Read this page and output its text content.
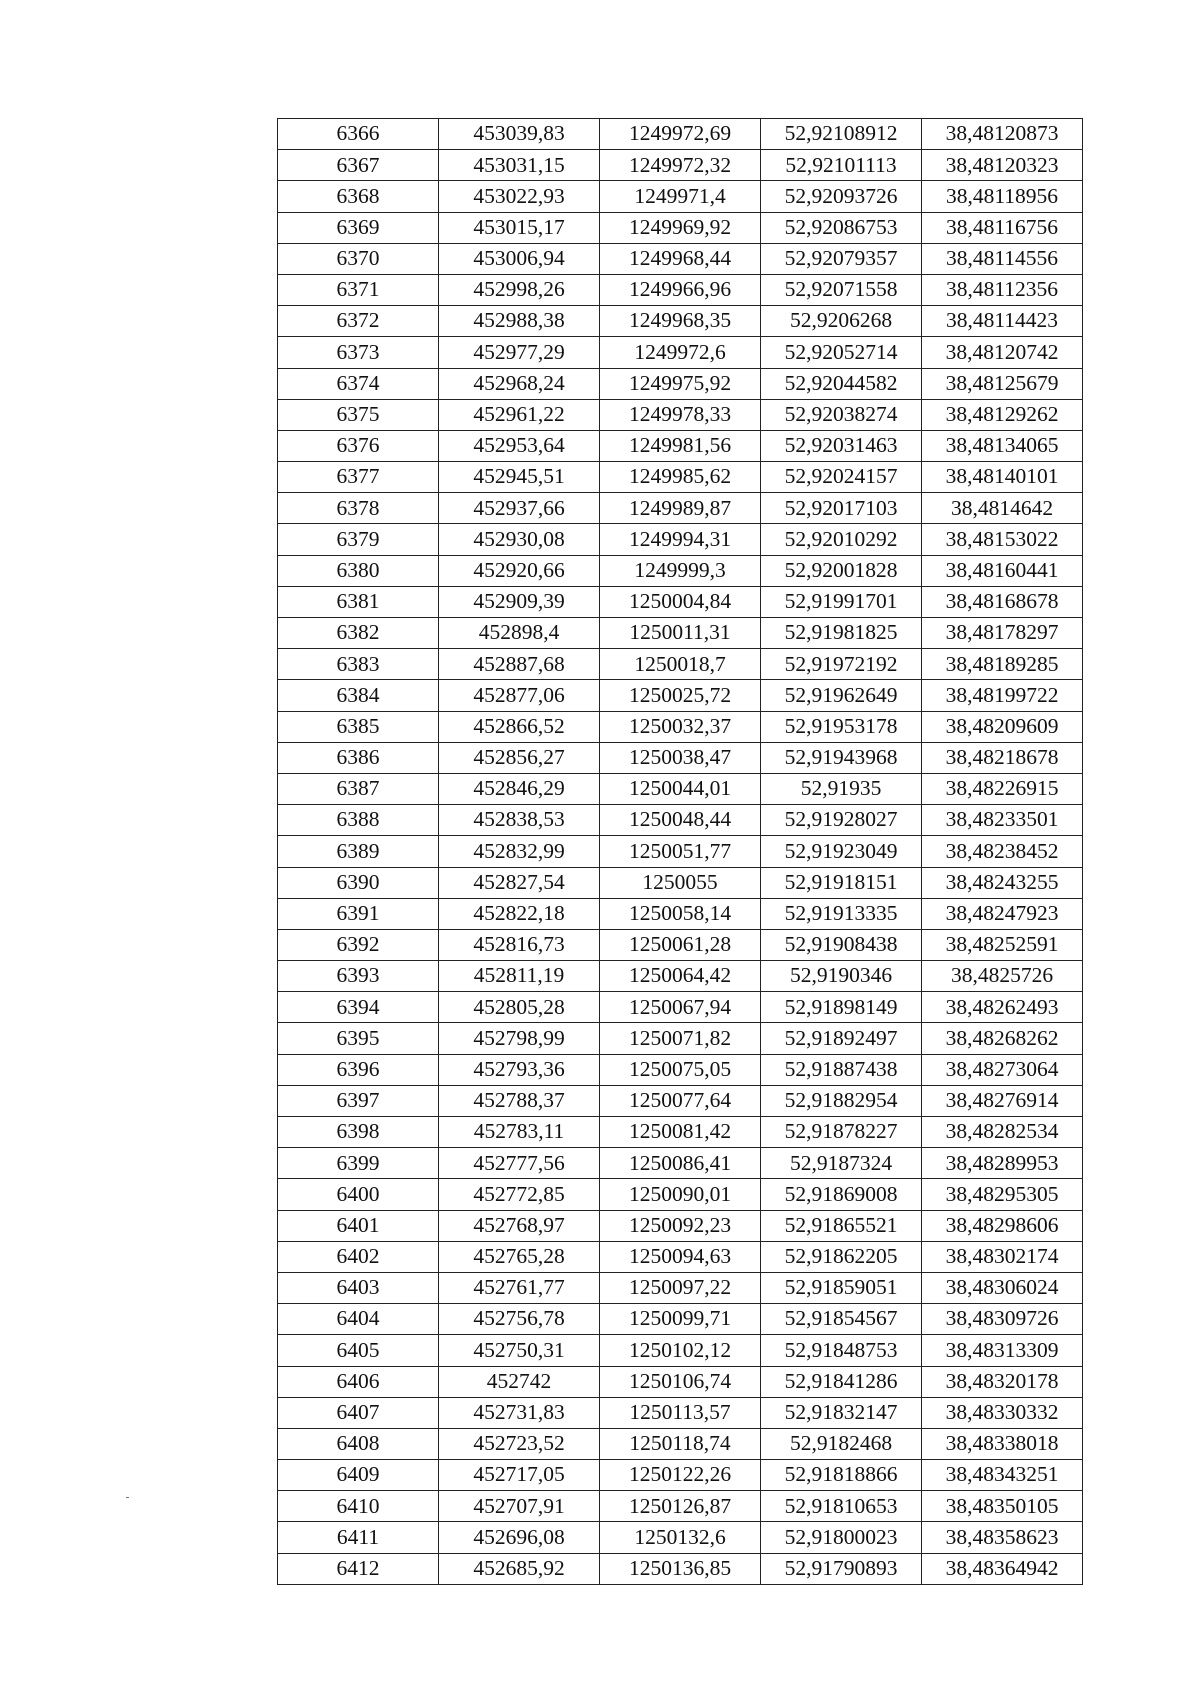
6366	453039,83	1249972,69	52,92108912	38,48120873
6367	453031,15	1249972,32	52,92101113	38,48120323
6368	453022,93	1249971,4	52,92093726	38,48118956
6369	453015,17	1249969,92	52,92086753	38,48116756
6370	453006,94	1249968,44	52,92079357	38,48114556
6371	452998,26	1249966,96	52,92071558	38,48112356
6372	452988,38	1249968,35	52,9206268	38,48114423
6373	452977,29	1249972,6	52,92052714	38,48120742
6374	452968,24	1249975,92	52,92044582	38,48125679
6375	452961,22	1249978,33	52,92038274	38,48129262
6376	452953,64	1249981,56	52,92031463	38,48134065
6377	452945,51	1249985,62	52,92024157	38,48140101
6378	452937,66	1249989,87	52,92017103	38,4814642
6379	452930,08	1249994,31	52,92010292	38,48153022
6380	452920,66	1249999,3	52,92001828	38,48160441
6381	452909,39	1250004,84	52,91991701	38,48168678
6382	452898,4	1250011,31	52,91981825	38,48178297
6383	452887,68	1250018,7	52,91972192	38,48189285
6384	452877,06	1250025,72	52,91962649	38,48199722
6385	452866,52	1250032,37	52,91953178	38,48209609
6386	452856,27	1250038,47	52,91943968	38,48218678
6387	452846,29	1250044,01	52,91935	38,48226915
6388	452838,53	1250048,44	52,91928027	38,48233501
6389	452832,99	1250051,77	52,91923049	38,48238452
6390	452827,54	1250055	52,91918151	38,48243255
6391	452822,18	1250058,14	52,91913335	38,48247923
6392	452816,73	1250061,28	52,91908438	38,48252591
6393	452811,19	1250064,42	52,9190346	38,4825726
6394	452805,28	1250067,94	52,91898149	38,48262493
6395	452798,99	1250071,82	52,91892497	38,48268262
6396	452793,36	1250075,05	52,91887438	38,48273064
6397	452788,37	1250077,64	52,91882954	38,48276914
6398	452783,11	1250081,42	52,91878227	38,48282534
6399	452777,56	1250086,41	52,9187324	38,48289953
6400	452772,85	1250090,01	52,91869008	38,48295305
6401	452768,97	1250092,23	52,91865521	38,48298606
6402	452765,28	1250094,63	52,91862205	38,48302174
6403	452761,77	1250097,22	52,91859051	38,48306024
6404	452756,78	1250099,71	52,91854567	38,48309726
6405	452750,31	1250102,12	52,91848753	38,48313309
6406	452742	1250106,74	52,91841286	38,48320178
6407	452731,83	1250113,57	52,91832147	38,48330332
6408	452723,52	1250118,74	52,9182468	38,48338018
6409	452717,05	1250122,26	52,91818866	38,48343251
6410	452707,91	1250126,87	52,91810653	38,48350105
6411	452696,08	1250132,6	52,91800023	38,48358623
6412	452685,92	1250136,85	52,91790893	38,48364942
